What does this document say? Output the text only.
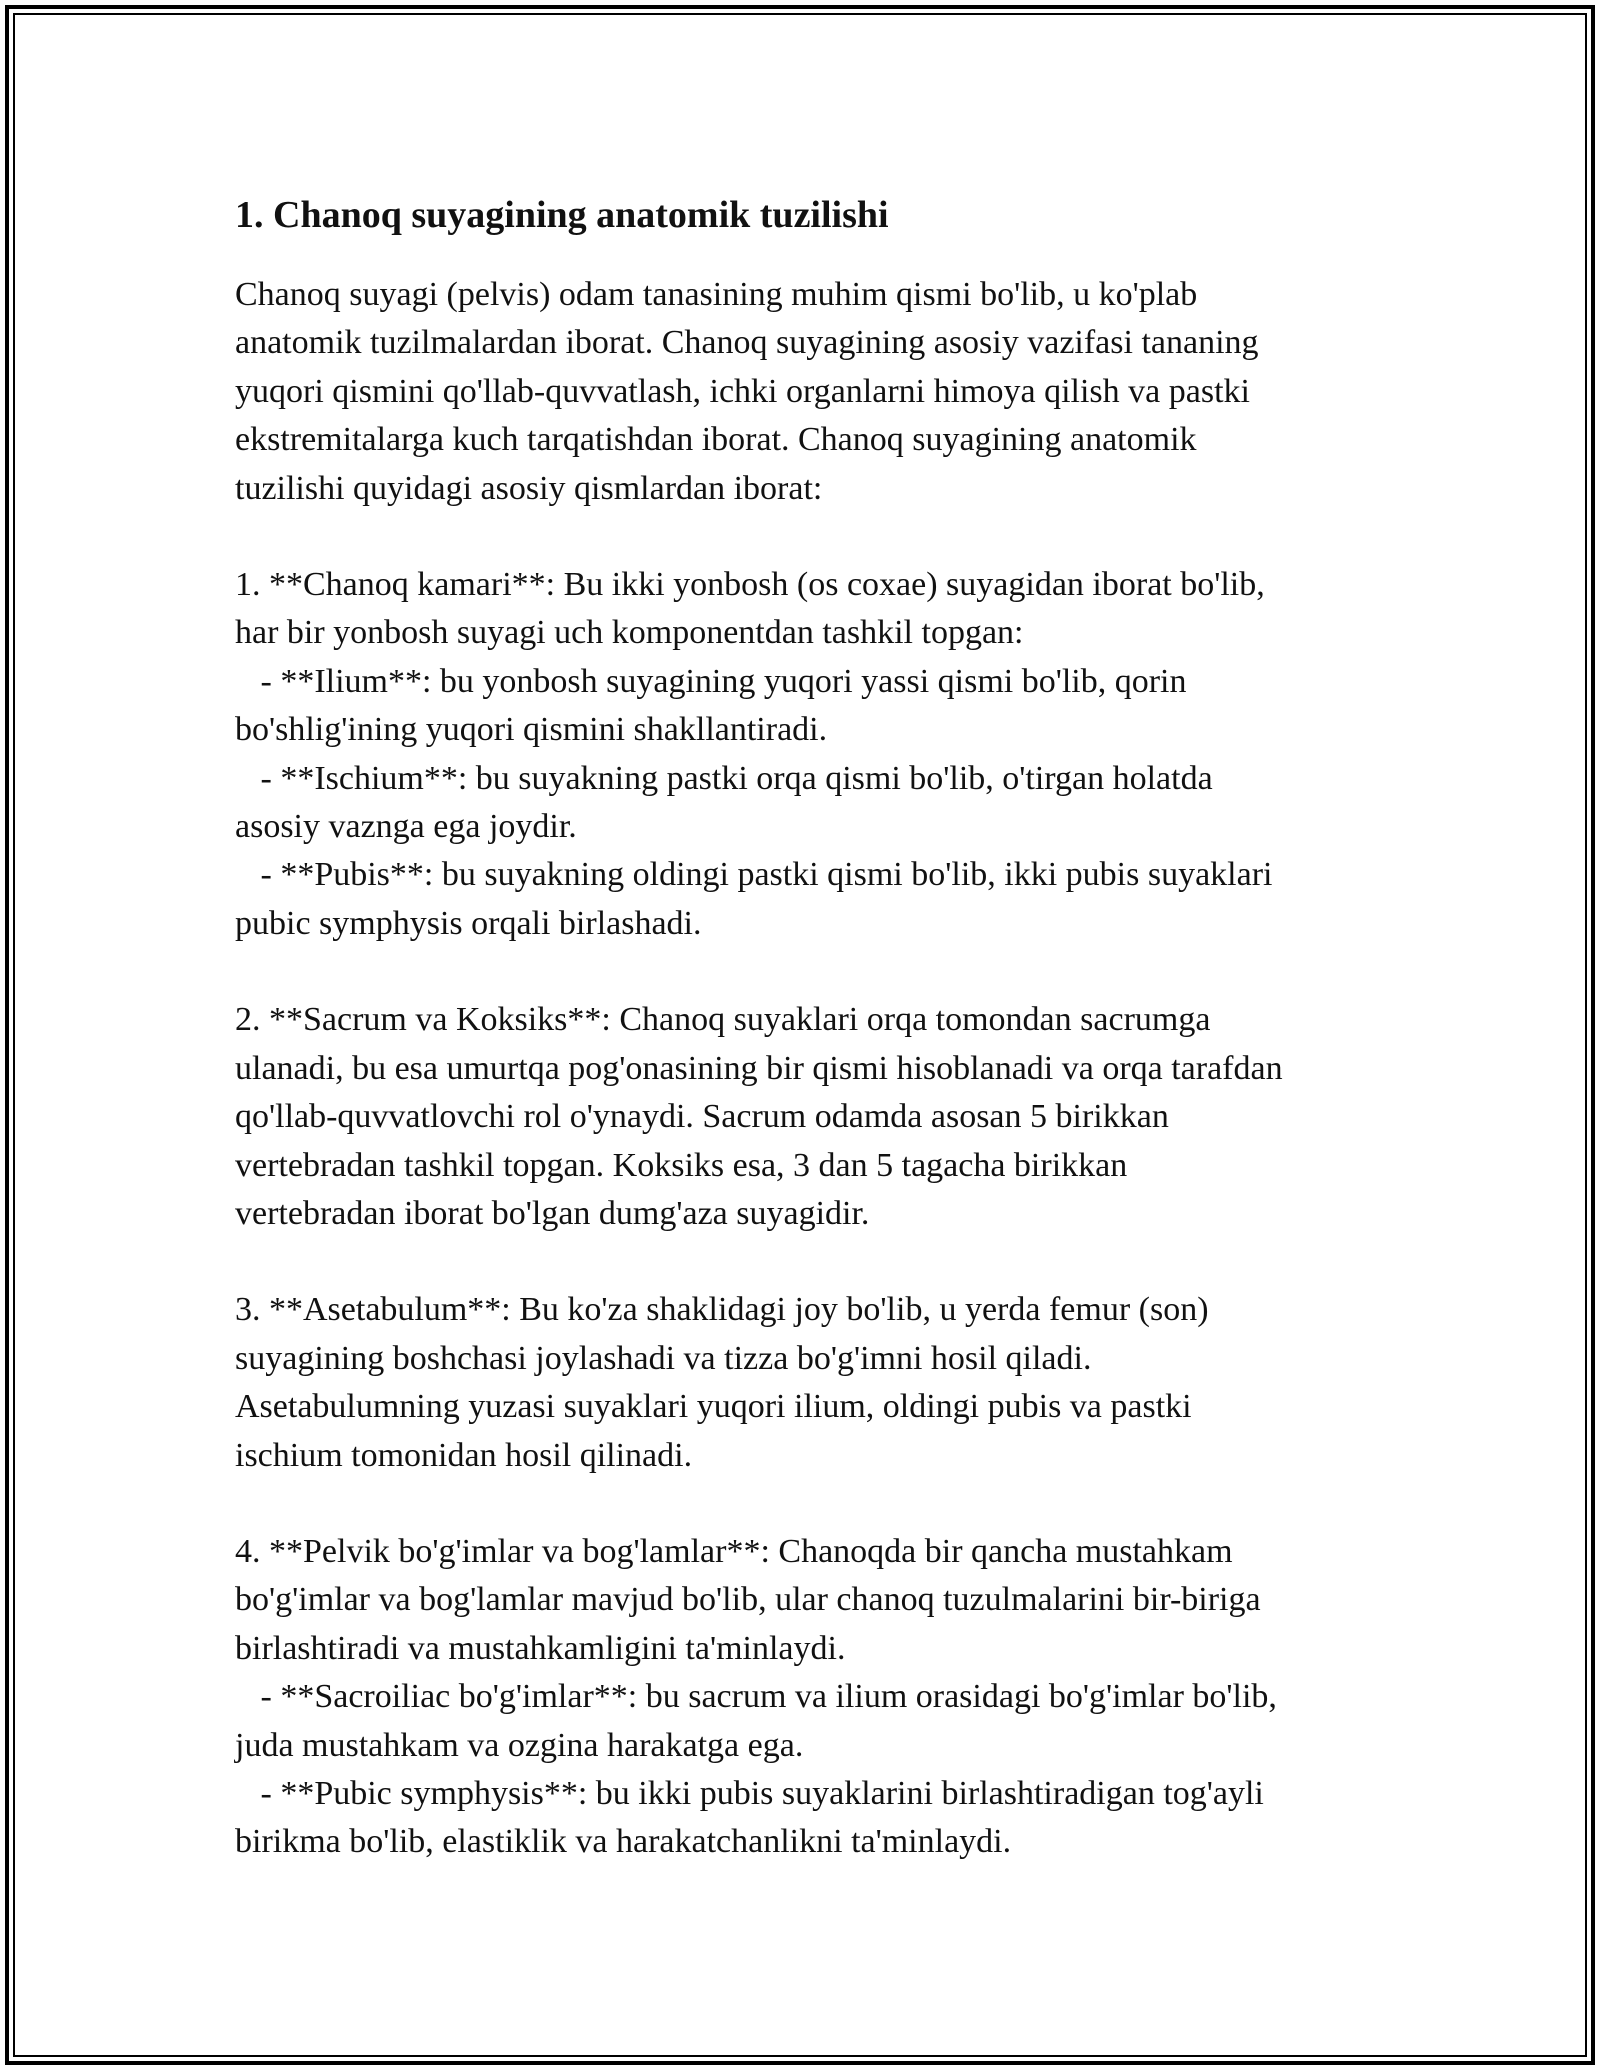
1. Chanoq suyagining anatomik tuzilishi
Chanoq suyagi (pelvis) odam tanasining muhim qismi bo'lib, u ko'plab
anatomik tuzilmalardan iborat. Chanoq suyagining asosiy vazifasi tananing
yuqori qismini qo'llab-quvvatlash, ichki organlarni himoya qilish va pastki
ekstremitalarga kuch tarqatishdan iborat. Chanoq suyagining anatomik
tuzilishi quyidagi asosiy qismlardan iborat:
1. **Chanoq kamari**: Bu ikki yonbosh (os coxae) suyagidan iborat bo'lib,
har bir yonbosh suyagi uch komponentdan tashkil topgan:
- **Ilium**: bu yonbosh suyagining yuqori yassi qismi bo'lib, qorin
bo'shlig'ining yuqori qismini shakllantiradi.
- **Ischium**: bu suyakning pastki orqa qismi bo'lib, o'tirgan holatda
asosiy vaznga ega joydir.
- **Pubis**: bu suyakning oldingi pastki qismi bo'lib, ikki pubis suyaklari
pubic symphysis orqali birlashadi.
2. **Sacrum va Koksiks**: Chanoq suyaklari orqa tomondan sacrumga
ulanadi, bu esa umurtqa pog'onasining bir qismi hisoblanadi va orqa tarafdan
qo'llab-quvvatlovchi rol o'ynaydi. Sacrum odamda asosan 5 birikkan
vertebradan tashkil topgan. Koksiks esa, 3 dan 5 tagacha birikkan
vertebradan iborat bo'lgan dumg'aza suyagidir.
3. **Asetabulum**: Bu ko'za shaklidagi joy bo'lib, u yerda femur (son)
suyagining boshchasi joylashadi va tizza bo'g'imni hosil qiladi.
Asetabulumning yuzasi suyaklari yuqori ilium, oldingi pubis va pastki
ischium tomonidan hosil qilinadi.
4. **Pelvik bo'g'imlar va bog'lamlar**: Chanoqda bir qancha mustahkam
bo'g'imlar va bog'lamlar mavjud bo'lib, ular chanoq tuzulmalarini bir-biriga
birlashtiradi va mustahkamligini ta'minlaydi.
- **Sacroiliac bo'g'imlar**: bu sacrum va ilium orasidagi bo'g'imlar bo'lib,
juda mustahkam va ozgina harakatga ega.
- **Pubic symphysis**: bu ikki pubis suyaklarini birlashtiradigan tog'ayli
birikma bo'lib, elastiklik va harakatchanlikni ta'minlaydi.
